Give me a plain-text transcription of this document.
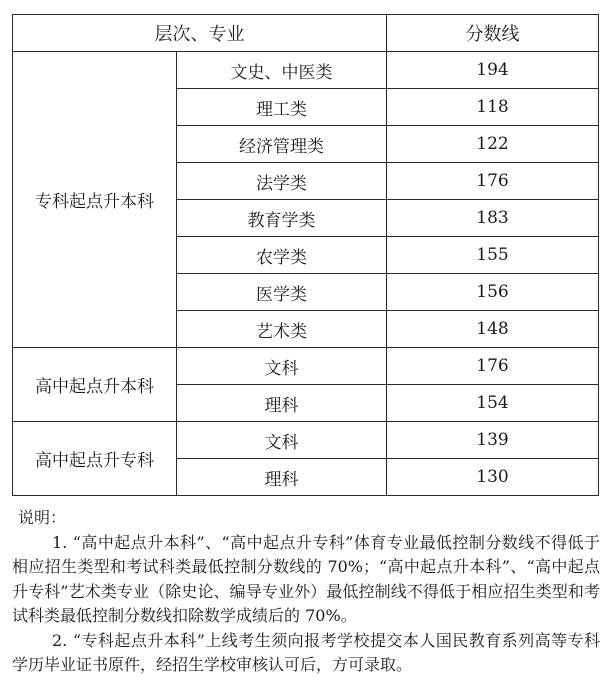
层次、专业		分数线
专科起点升本科	文史、中医类	194
	理工类	118
	经济管理类	122
	法学类	176
	教育学类	183
	农学类	155
	医学类	156
	艺术类	148
高中起点升本科	文科	176
	理科	154
高中起点升专科	文科	139
	理科	130

说明：

1. “高中起点升本科”、“高中起点升专科”体育专业最低控制分数线不得低于相应招生类型和考试科类最低控制分数线的 70%；“高中起点升本科”、“高中起点升专科”艺术类专业（除史论、编导专业外）最低控制线不得低于相应招生类型和考试科类最低控制分数线扣除数学成绩后的 70%。

2. “专科起点升本科”上线考生须向报考学校提交本人国民教育系列高等专科学历毕业证书原件，经招生学校审核认可后，方可录取。
